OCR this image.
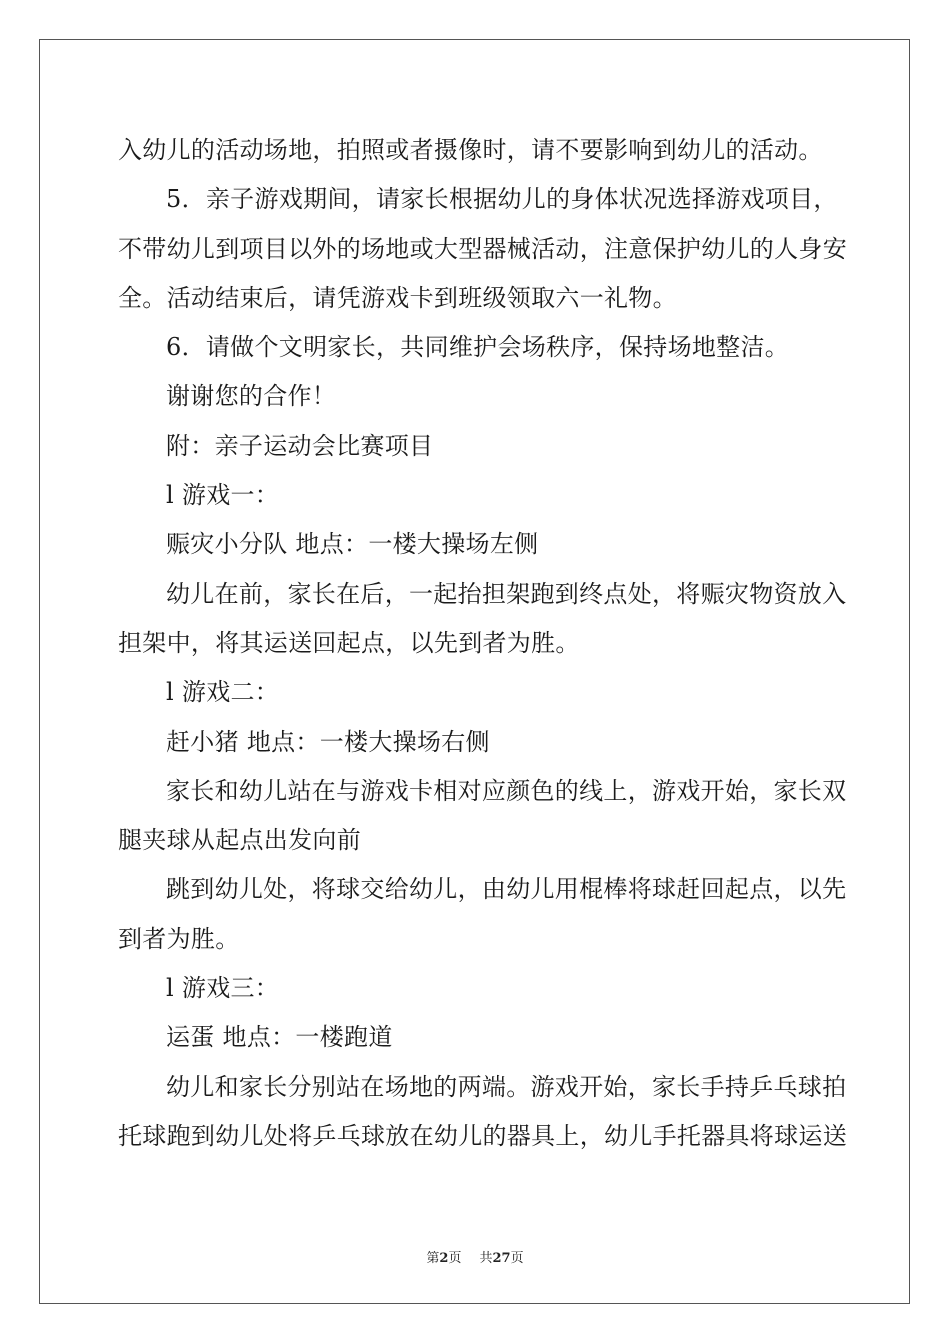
入幼儿的活动场地，拍照或者摄像时，请不要影响到幼儿的活动。
5．亲子游戏期间，请家长根据幼儿的身体状况选择游戏项目，
不带幼儿到项目以外的场地或大型器械活动，注意保护幼儿的人身安
全。活动结束后，请凭游戏卡到班级领取六一礼物。
6．请做个文明家长，共同维护会场秩序，保持场地整洁。
谢谢您的合作！
附：亲子运动会比赛项目
l 游戏一：
赈灾小分队 地点：一楼大操场左侧
幼儿在前，家长在后，一起抬担架跑到终点处，将赈灾物资放入
担架中，将其运送回起点，以先到者为胜。
l 游戏二：
赶小猪 地点：一楼大操场右侧
家长和幼儿站在与游戏卡相对应颜色的线上，游戏开始，家长双
腿夹球从起点出发向前
跳到幼儿处，将球交给幼儿，由幼儿用棍棒将球赶回起点，以先
到者为胜。
l 游戏三：
运蛋 地点：一楼跑道
幼儿和家长分别站在场地的两端。游戏开始，家长手持乒乓球拍
托球跑到幼儿处将乒乓球放在幼儿的器具上，幼儿手托器具将球运送
第2页 共27页
